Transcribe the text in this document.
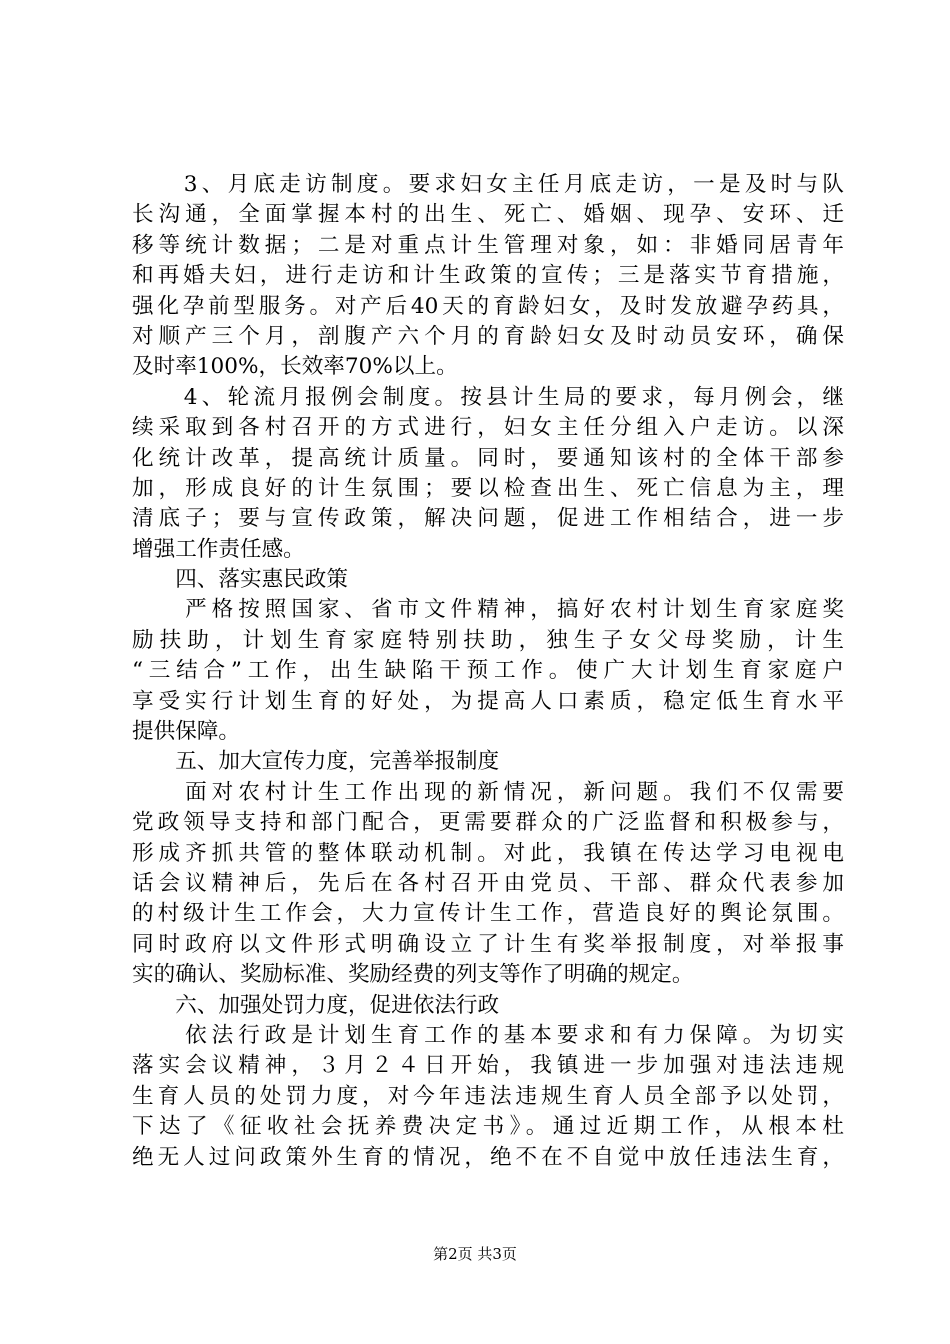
　　3、月底走访制度。要求妇女主任月底走访，一是及时与队
长沟通，全面掌握本村的出生、死亡、婚姻、现孕、安环、迁
移等统计数据；二是对重点计生管理对象，如：非婚同居青年
和再婚夫妇，进行走访和计生政策的宣传；三是落实节育措施，
强化孕前型服务。对产后40天的育龄妇女，及时发放避孕药具，
对顺产三个月，剖腹产六个月的育龄妇女及时动员安环，确保
及时率100%，长效率70%以上。
　　4、轮流月报例会制度。按县计生局的要求，每月例会，继
续采取到各村召开的方式进行，妇女主任分组入户走访。以深
化统计改革，提高统计质量。同时，要通知该村的全体干部参
加，形成良好的计生氛围；要以检查出生、死亡信息为主，理
清底子；要与宣传政策，解决问题，促进工作相结合，进一步
增强工作责任感。
　　四、落实惠民政策
　　严格按照国家、省市文件精神，搞好农村计划生育家庭奖
励扶助，计划生育家庭特别扶助，独生子女父母奖励，计生
“三结合”工作，出生缺陷干预工作。使广大计划生育家庭户
享受实行计划生育的好处，为提高人口素质，稳定低生育水平
提供保障。
　　五、加大宣传力度，完善举报制度
　　面对农村计生工作出现的新情况，新问题。我们不仅需要
党政领导支持和部门配合，更需要群众的广泛监督和积极参与，
形成齐抓共管的整体联动机制。对此，我镇在传达学习电视电
话会议精神后，先后在各村召开由党员、干部、群众代表参加
的村级计生工作会，大力宣传计生工作，营造良好的舆论氛围。
同时政府以文件形式明确设立了计生有奖举报制度，对举报事
实的确认、奖励标准、奖励经费的列支等作了明确的规定。
　　六、加强处罚力度，促进依法行政
　　依法行政是计划生育工作的基本要求和有力保障。为切实
落实会议精神，３月２４日开始，我镇进一步加强对违法违规
生育人员的处罚力度，对今年违法违规生育人员全部予以处罚，
下达了《征收社会抚养费决定书》。通过近期工作，从根本杜
绝无人过问政策外生育的情况，绝不在不自觉中放任违法生育，
第2页 共3页
